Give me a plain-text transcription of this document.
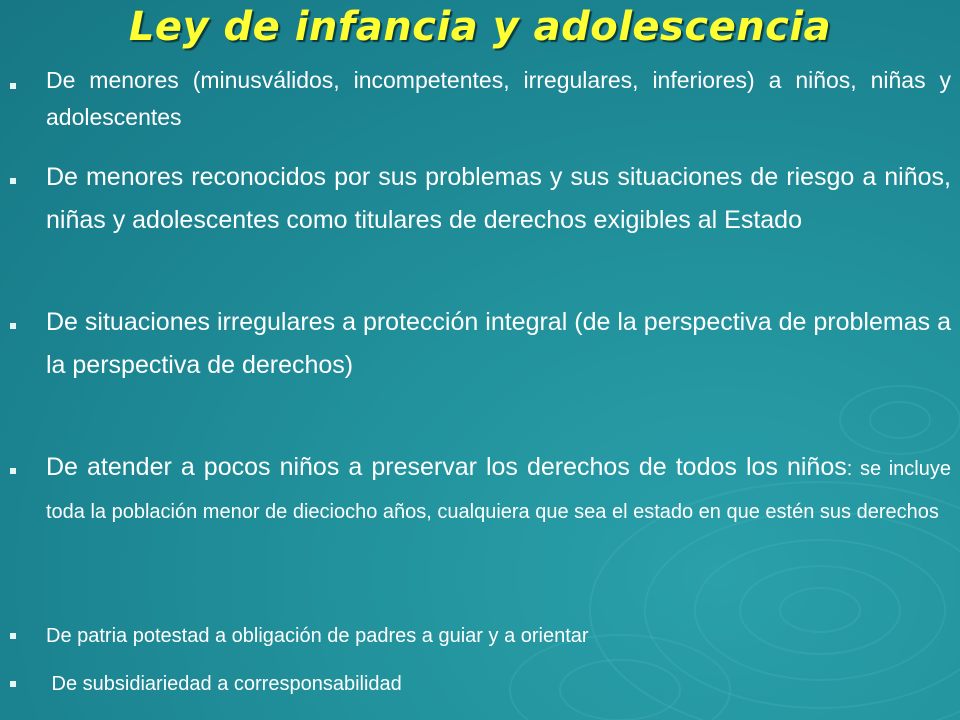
Ley de infancia y adolescencia
De menores (minusválidos, incompetentes, irregulares, inferiores) a niños, niñas y adolescentes
De menores reconocidos por sus problemas y sus situaciones de riesgo a niños, niñas y adolescentes como titulares de derechos exigibles al Estado
De situaciones irregulares a protección integral (de la perspectiva de problemas a la perspectiva de derechos)
De atender a pocos niños a preservar los derechos de todos los niños: se incluye toda la población menor de dieciocho años, cualquiera que sea el estado en que estén sus derechos
De patria potestad a obligación de padres a guiar y a orientar
De subsidiariedad a corresponsabilidad
